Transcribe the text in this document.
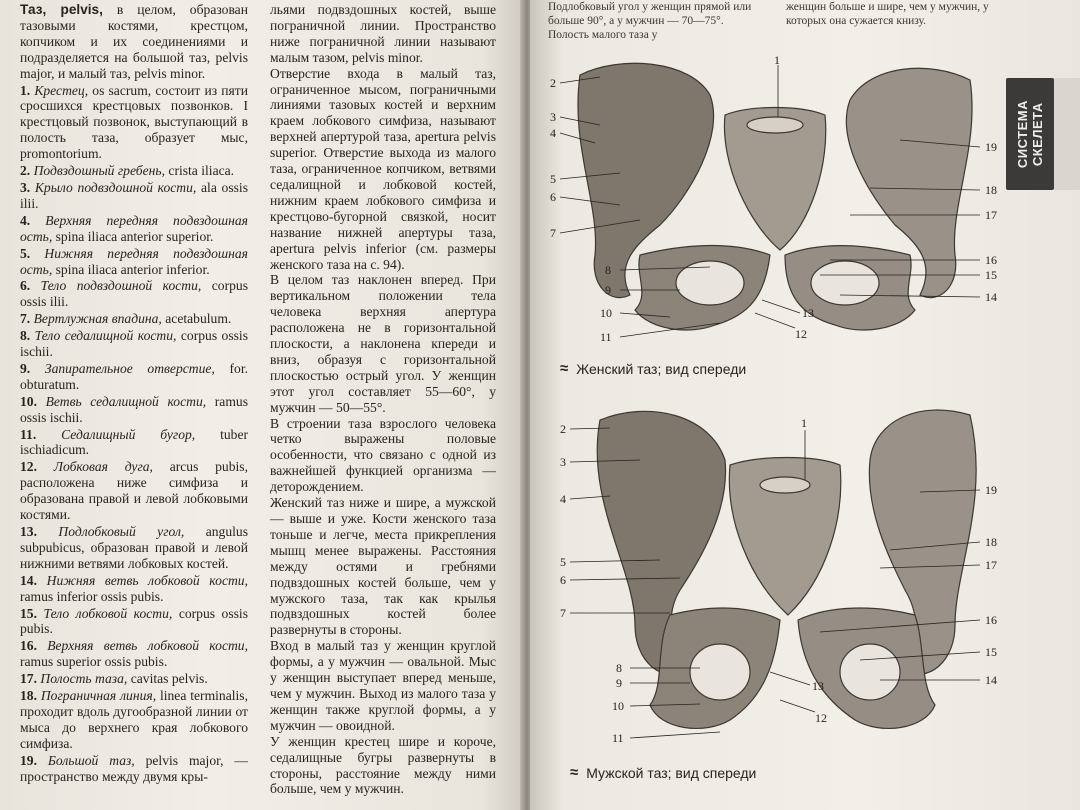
Таз, pelvis, в целом, образован тазовыми костями, крестцом, копчиком и их соединениями и подразделяется на большой таз, pelvis major, и малый таз, pelvis minor.

1. Крестец, os sacrum, состоит из пяти сросшихся крестцовых позвонков. I крестцовый позвонок, выступающий в полость таза, образует мыс, promontorium.

2. Подвздошный гребень, crista iliaca.

3. Крыло подвздошной кости, ala ossis ilii.

4. Верхняя передняя подвздошная ость, spina iliaca anterior superior.

5. Нижняя передняя подвздошная ость, spina iliaca anterior inferior.

6. Тело подвздошной кости, corpus ossis ilii.

7. Вертлужная впадина, acetabulum.

8. Тело седалищной кости, corpus ossis ischii.

9. Запирательное отверстие, for. obturatum.

10. Ветвь седалищной кости, ramus ossis ischii.

11. Седалищный бугор, tuber ischiadicum.

12. Лобковая дуга, arcus pubis, расположена ниже симфиза и образована правой и левой лобковыми костями.

13. Подлобковый угол, angulus subpubicus, образован правой и левой нижними ветвями лобковых костей.

14. Нижняя ветвь лобковой кости, ramus inferior ossis pubis.

15. Тело лобковой кости, corpus ossis pubis.

16. Верхняя ветвь лобковой кости, ramus superior ossis pubis.

17. Полость таза, cavitas pelvis.

18. Пограничная линия, linea terminalis, проходит вдоль дугообразной линии от мыса до верхнего края лобкового симфиза.

19. Большой таз, pelvis major, — пространство между двумя кры-

льями подвздошных костей, выше пограничной линии. Пространство ниже пограничной линии называют малым тазом, pelvis minor.

Отверстие входа в малый таз, ограниченное мысом, пограничными линиями тазовых костей и верхним краем лобкового симфиза, называют верхней апертурой таза, apertura pelvis superior. Отверстие выхода из малого таза, ограниченное копчиком, ветвями седалищной и лобковой костей, нижним краем лобкового симфиза и крестцово-бугорной связкой, носит название нижней апертуры таза, apertura pelvis inferior (см. размеры женского таза на с. 94).

В целом таз наклонен вперед. При вертикальном положении тела человека верхняя апертура расположена не в горизонтальной плоскости, а наклонена кпереди и вниз, образуя с горизонтальной плоскостью острый угол. У женщин этот угол составляет 55—60°, у мужчин — 50—55°.

В строении таза взрослого человека четко выражены половые особенности, что связано с одной из важнейшей функцией организма — деторождением.

Женский таз ниже и шире, а мужской — выше и уже. Кости женского таза тоньше и легче, места прикрепления мышц менее выражены. Расстояния между остями и гребнями подвздошных костей больше, чем у мужского таза, так как крылья подвздошных костей более развернуты в стороны.

Вход в малый таз у женщин круглой формы, а у мужчин — овальной. Мыс у женщин выступает вперед меньше, чем у мужчин. Выход из малого таза у женщин также круглой формы, а у мужчин — овоидной.

У женщин крестец шире и короче, седалищные бугры развернуты в стороны, расстояние между ними больше, чем у мужчин.

Подлобковый угол у женщин прямой или больше 90°, а у мужчин — 70—75°. Полость малого таза у
женщин больше и шире, чем у мужчин, у которых она сужается книзу.
СИСТЕМА
СКЕЛЕТА
1
2
3
4
5
6
7
8
9
10
11	12
13
14
15
16
17
18
19
≈ Женский таз; вид спереди
1
2
3
4
5
6
7
8
9
10
11
12
13	14
15
16
17
18
19
≈ Мужской таз; вид спереди
